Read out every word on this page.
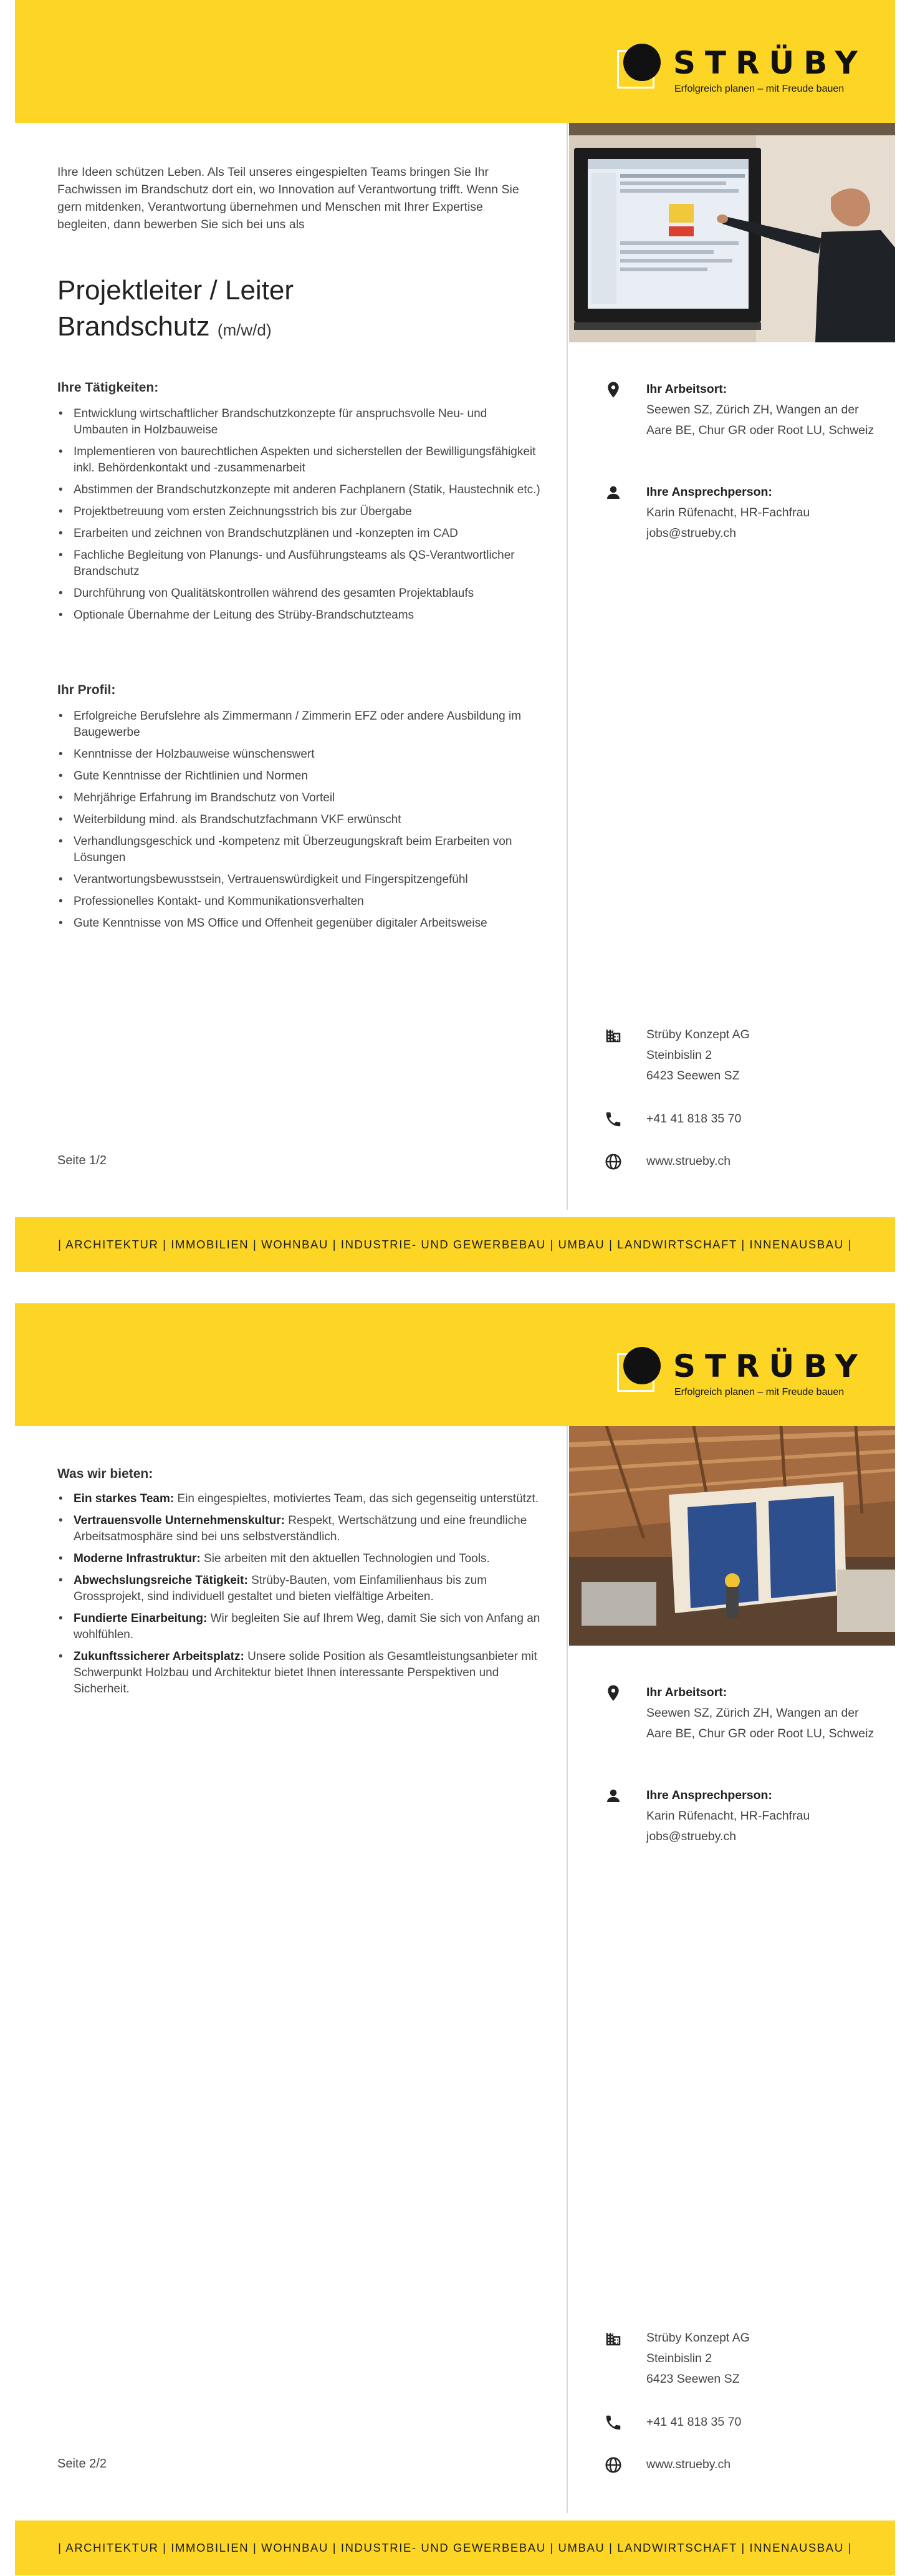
STRÜBY
Erfolgreich planen – mit Freude bauen

Ihre Ideen schützen Leben. Als Teil unseres eingespielten Teams bringen Sie Ihr Fachwissen im Brandschutz dort ein, wo Innovation auf Verantwortung trifft. Wenn Sie gern mitdenken, Verantwortung übernehmen und Menschen mit Ihrer Expertise begleiten, dann bewerben Sie sich bei uns als

Projektleiter / Leiter
Brandschutz (m/w/d)
Ihre Tätigkeiten:
• Entwicklung wirtschaftlicher Brandschutzkonzepte für anspruchsvolle Neu- und Umbauten in Holzbauweise
• Implementieren von baurechtlichen Aspekten und sicherstellen der Bewilligungsfähigkeit inkl. Behördenkontakt und -zusammenarbeit
• Abstimmen der Brandschutzkonzepte mit anderen Fachplanern (Statik, Haustechnik etc.)
• Projektbetreuung vom ersten Zeichnungsstrich bis zur Übergabe
• Erarbeiten und zeichnen von Brandschutzplänen und -konzepten im CAD
• Fachliche Begleitung von Planungs- und Ausführungsteams als QS-Verantwortlicher Brandschutz
• Durchführung von Qualitätskontrollen während des gesamten Projektablaufs
• Optionale Übernahme der Leitung des Strüby-Brandschutzteams
Ihr Profil:
• Erfolgreiche Berufslehre als Zimmermann / Zimmerin EFZ oder andere Ausbildung im Baugewerbe
• Kenntnisse der Holzbauweise wünschenswert
• Gute Kenntnisse der Richtlinien und Normen
• Mehrjährige Erfahrung im Brandschutz von Vorteil
• Weiterbildung mind. als Brandschutzfachmann VKF erwünscht
• Verhandlungsgeschick und -kompetenz mit Überzeugungskraft beim Erarbeiten von Lösungen
• Verantwortungsbewusstsein, Vertrauenswürdigkeit und Fingerspitzengefühl
• Professionelles Kontakt- und Kommunikationsverhalten
• Gute Kenntnisse von MS Office und Offenheit gegenüber digitaler Arbeitsweise
Ihr Arbeitsort:
Seewen SZ, Zürich ZH, Wangen an der Aare BE, Chur GR oder Root LU, Schweiz
Ihre Ansprechperson:
Karin Rüfenacht, HR-Fachfrau
jobs@strueby.ch
Strüby Konzept AG
Steinbislin 2
6423 Seewen SZ
+41 41 818 35 70
www.strueby.ch
Seite 1/2
| ARCHITEKTUR | IMMOBILIEN | WOHNBAU | INDUSTRIE- UND GEWERBEBAU | UMBAU | LANDWIRTSCHAFT | INNENAUSBAU |
STRÜBY
Erfolgreich planen – mit Freude bauen
Was wir bieten:
• Ein starkes Team: Ein eingespieltes, motiviertes Team, das sich gegenseitig unterstützt.
• Vertrauensvolle Unternehmenskultur: Respekt, Wertschätzung und eine freundliche Arbeitsatmosphäre sind bei uns selbstverständlich.
• Moderne Infrastruktur: Sie arbeiten mit den aktuellen Technologien und Tools.
• Abwechslungsreiche Tätigkeit: Strüby-Bauten, vom Einfamilienhaus bis zum Grossprojekt, sind individuell gestaltet und bieten vielfältige Arbeiten.
• Fundierte Einarbeitung: Wir begleiten Sie auf Ihrem Weg, damit Sie sich von Anfang an wohlfühlen.
• Zukunftssicherer Arbeitsplatz: Unsere solide Position als Gesamtleistungsanbieter mit Schwerpunkt Holzbau und Architektur bietet Ihnen interessante Perspektiven und Sicherheit.	Ihr Arbeitsort:
Seewen SZ, Zürich ZH, Wangen an der Aare BE, Chur GR oder Root LU, Schweiz
Ihre Ansprechperson:
Karin Rüfenacht, HR-Fachfrau
jobs@strueby.ch
Strüby Konzept AG
Steinbislin 2
6423 Seewen SZ
+41 41 818 35 70
www.strueby.ch
Seite 2/2
| ARCHITEKTUR | IMMOBILIEN | WOHNBAU | INDUSTRIE- UND GEWERBEBAU | UMBAU | LANDWIRTSCHAFT | INNENAUSBAU |
